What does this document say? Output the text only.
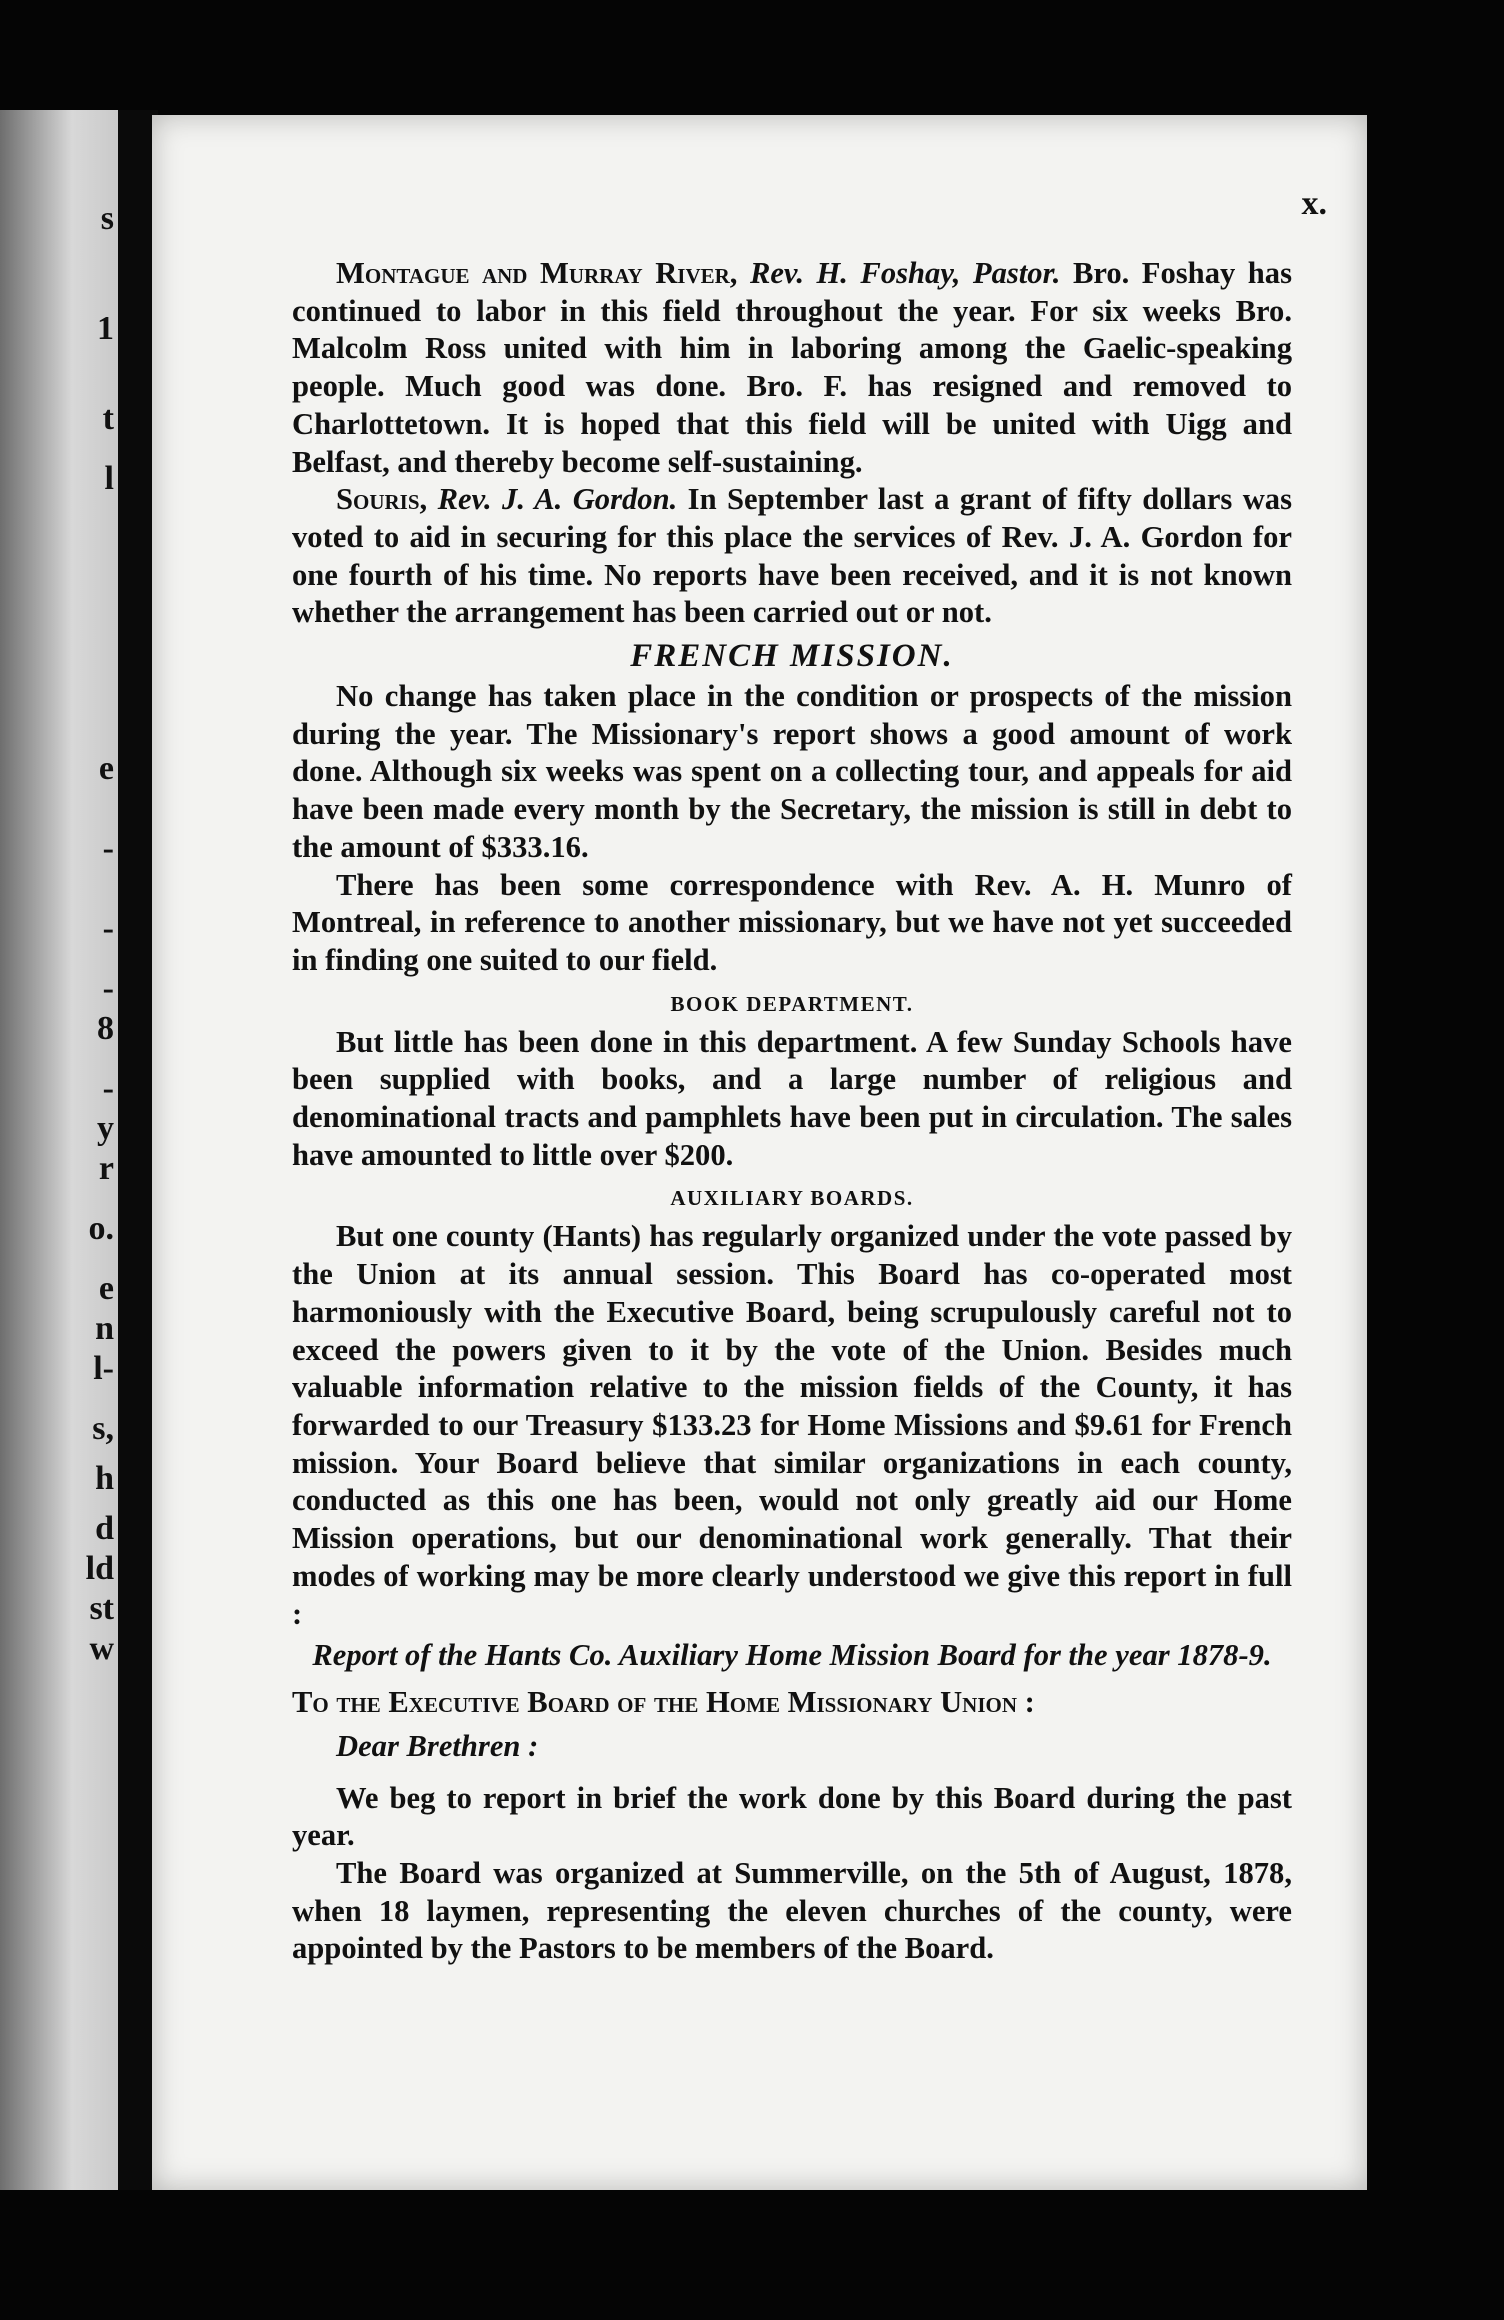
s
1
t
l
e
-
-
-
8
-
y
r
o.
e
n
l-
s,
h
d
ld
st
w
x.

Montague and Murray River, Rev. H. Foshay, Pastor. Bro. Foshay has continued to labor in this field throughout the year. For six weeks Bro. Malcolm Ross united with him in laboring among the Gaelic-speaking people. Much good was done. Bro. F. has resigned and removed to Charlottetown. It is hoped that this field will be united with Uigg and Belfast, and thereby become self-sustaining.

Souris, Rev. J. A. Gordon. In September last a grant of fifty dollars was voted to aid in securing for this place the services of Rev. J. A. Gordon for one fourth of his time. No reports have been received, and it is not known whether the arrangement has been carried out or not.

FRENCH MISSION.

No change has taken place in the condition or prospects of the mission during the year. The Missionary's report shows a good amount of work done. Although six weeks was spent on a collecting tour, and appeals for aid have been made every month by the Secretary, the mission is still in debt to the amount of $333.16.

There has been some correspondence with Rev. A. H. Munro of Montreal, in reference to another missionary, but we have not yet succeeded in finding one suited to our field.

BOOK DEPARTMENT.

But little has been done in this department. A few Sunday Schools have been supplied with books, and a large number of religious and denominational tracts and pamphlets have been put in circulation. The sales have amounted to little over $200.

AUXILIARY BOARDS.

But one county (Hants) has regularly organized under the vote passed by the Union at its annual session. This Board has co-operated most harmoniously with the Executive Board, being scrupulously careful not to exceed the powers given to it by the vote of the Union. Besides much valuable information relative to the mission fields of the County, it has forwarded to our Treasury $133.23 for Home Missions and $9.61 for French mission. Your Board believe that similar organizations in each county, conducted as this one has been, would not only greatly aid our Home Mission operations, but our denominational work generally. That their modes of working may be more clearly understood we give this report in full :

Report of the Hants Co. Auxiliary Home Mission Board for the year 1878-9.

To the Executive Board of the Home Missionary Union :

Dear Brethren :

We beg to report in brief the work done by this Board during the past year.

The Board was organized at Summerville, on the 5th of August, 1878, when 18 laymen, representing the eleven churches of the county, were appointed by the Pastors to be members of the Board.
